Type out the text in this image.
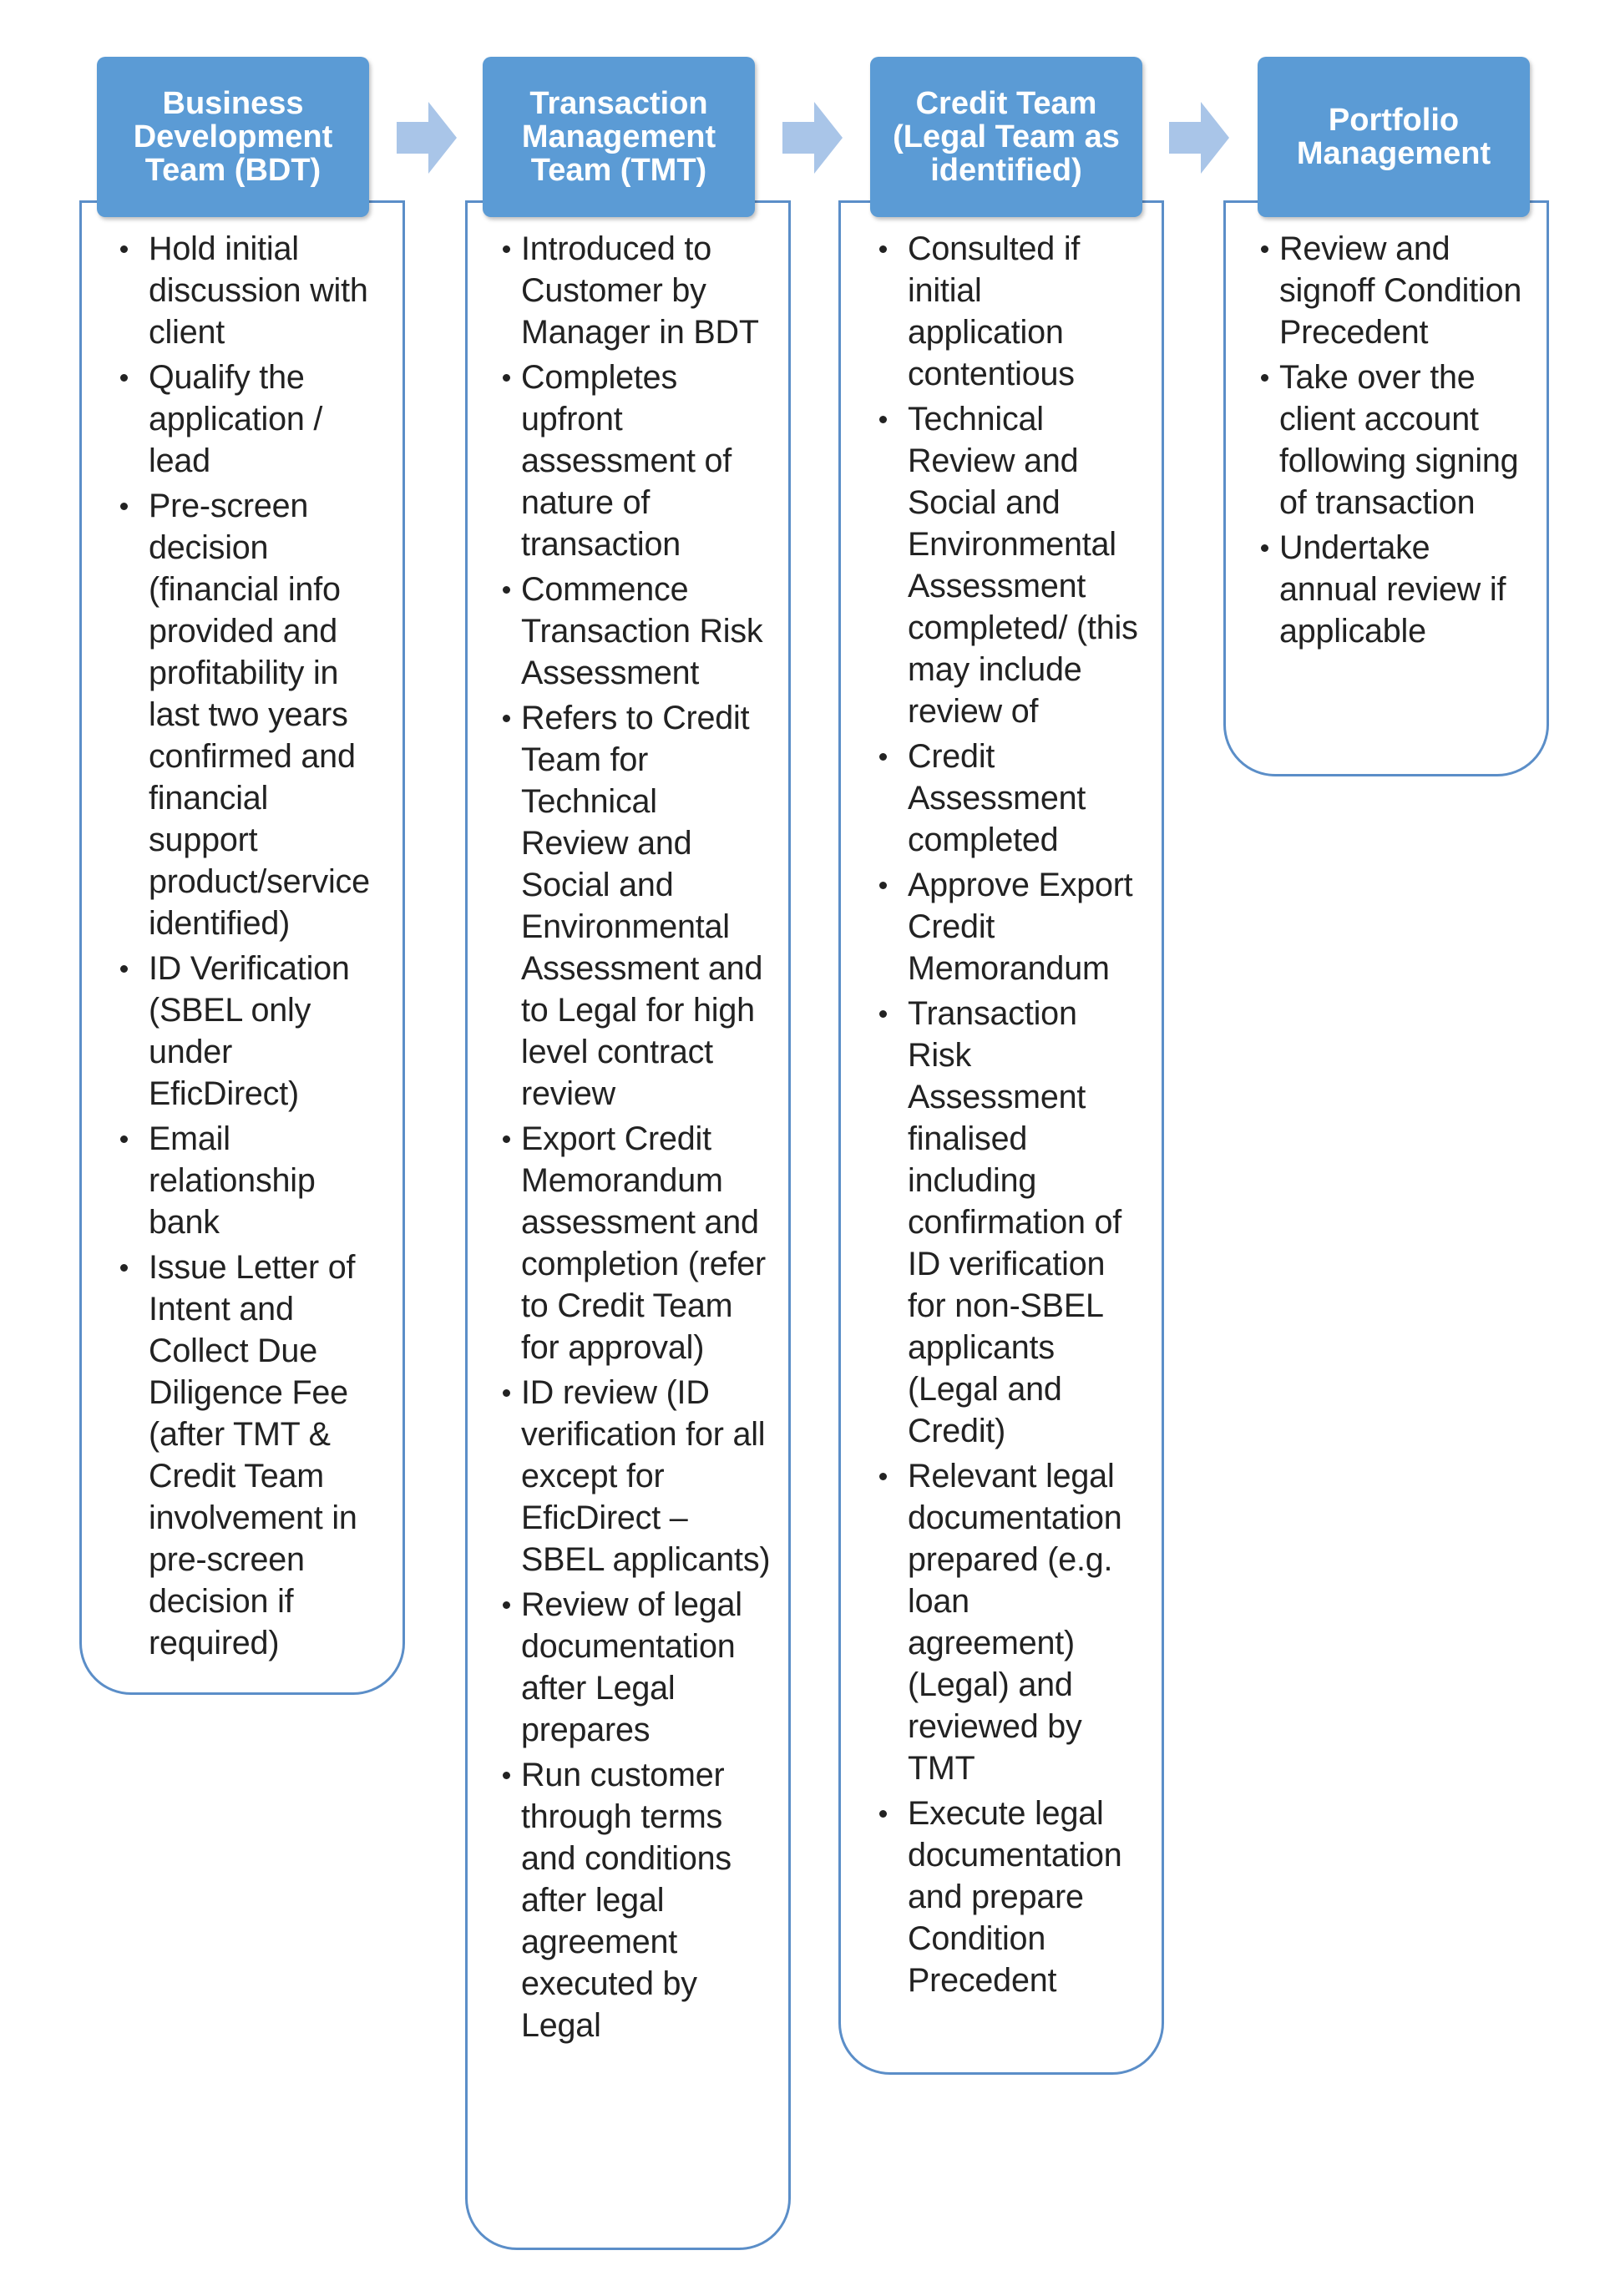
Hold initial discussion with client
Qualify the application / lead
Pre-screen decision (financial info provided and profitability in last two years confirmed and financial support product/service identified)
ID Verification (SBEL only under EficDirect)
Email relationship bank
Issue Letter of Intent and Collect Due Diligence Fee (after TMT & Credit Team involvement in pre-screen decision if required)
Business Development Team (BDT)
Introduced to Customer by Manager in BDT
Completes upfront assessment of nature of transaction
Commence Transaction Risk Assessment
Refers to Credit Team for Technical Review and Social and Environmental Assessment and to Legal for high level contract review
Export Credit Memorandum assessment and completion (refer to Credit Team for approval)
ID review (ID verification for all except for EficDirect – SBEL applicants)
Review of legal documentation after Legal prepares
Run customer through terms and conditions after legal agreement executed by Legal
Transaction Management Team (TMT)
Consulted if initial application contentious
Technical Review and Social and Environmental Assessment completed/ (this may include review of
Credit Assessment completed
Approve Export Credit Memorandum
Transaction Risk Assessment finalised including confirmation of ID verification for non-SBEL applicants (Legal and Credit)
Relevant legal documentation prepared (e.g. loan agreement) (Legal) and reviewed by TMT
Execute legal documentation and prepare Condition Precedent
Credit Team (Legal Team as identified)
Review and signoff Condition Precedent
Take over the client account following signing of transaction
Undertake annual review if applicable
Portfolio Management
